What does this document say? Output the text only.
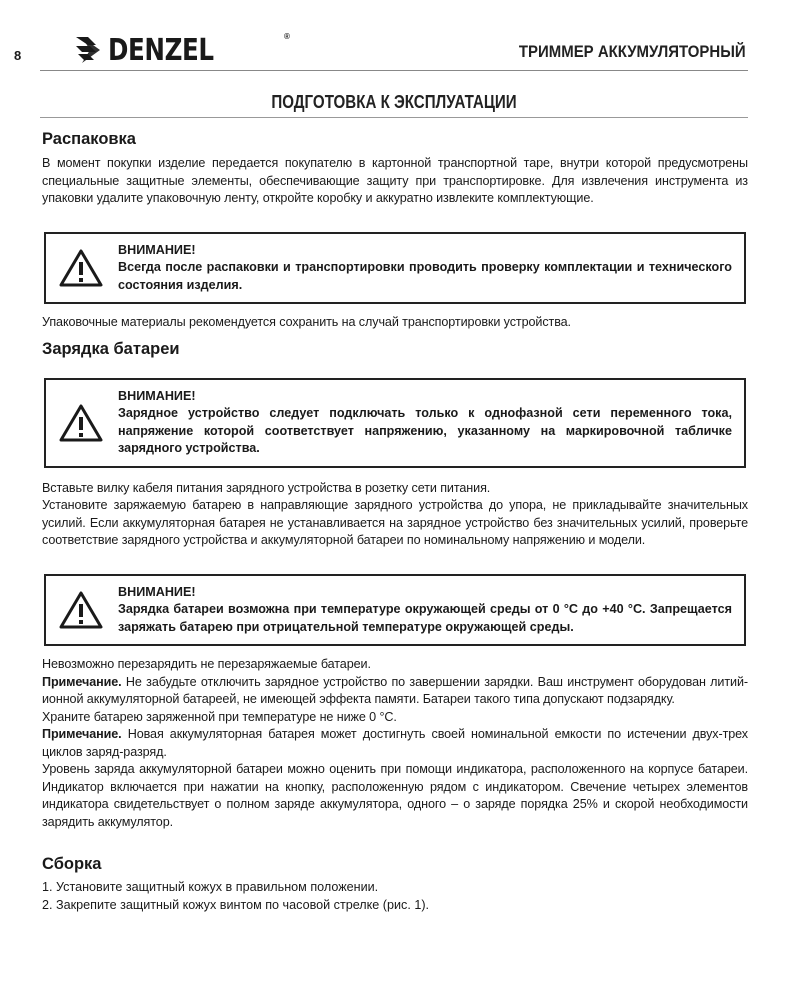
8	DENZEL	®
ТРИММЕР АККУМУЛЯТОРНЫЙ
ПОДГОТОВКА К ЭКСПЛУАТАЦИИ
Распаковка

В момент покупки изделие передается покупателю в картонной транспортной таре, внутри которой предусмотрены специальные защитные элементы, обеспечивающие защиту при транспортировке. Для извлечения инструмента из упаковки удалите упаковочную ленту, откройте коробку и аккуратно извлеките комплектующие.

ВНИМАНИЕ!
Всегда после распаковки и транспортировки проводить проверку комплектации и технического состояния изделия.

Упаковочные материалы рекомендуется сохранить на случай транспортировки устройства.

Зарядка батареи
ВНИМАНИЕ!
Зарядное устройство следует подключать только к однофазной сети переменного тока, напряжение которой соответствует напряжению, указанному на маркировочной табличке зарядного устройства.

Вставьте вилку кабеля питания зарядного устройства в розетку сети питания.

Установите заряжаемую батарею в направляющие зарядного устройства до упора, не прикладывайте значительных усилий. Если аккумуляторная батарея не устанавливается на зарядное устройство без значительных усилий, проверьте соответствие зарядного устройства и аккумуляторной батареи по номинальному напряжению и модели.

ВНИМАНИЕ!
Зарядка батареи возможна при температуре окружающей среды от 0 °С до +40 °С. Запрещается заряжать батарею при отрицательной температуре окружающей среды.

Невозможно перезарядить не перезаряжаемые батареи.

Примечание. Не забудьте отключить зарядное устройство по завершении зарядки. Ваш инструмент оборудован литий-ионной аккумуляторной батареей, не имеющей эффекта памяти. Батареи такого типа допускают подзарядку.

Храните батарею заряженной при температуре не ниже 0 °С.

Примечание. Новая аккумуляторная батарея может достигнуть своей номинальной емкости по истечении двух-трех циклов заряд-разряд.

Уровень заряда аккумуляторной батареи можно оценить при помощи индикатора, расположенного на корпусе батареи. Индикатор включается при нажатии на кнопку, расположенную рядом с индикатором. Свечение четырех элементов индикатора свидетельствует о полном заряде аккумулятора, одного – о заряде порядка 25% и скорой необходимости зарядить аккумулятор.

Сборка
1. Установите защитный кожух в правильном положении.
2. Закрепите защитный кожух винтом по часовой стрелке (рис. 1).
